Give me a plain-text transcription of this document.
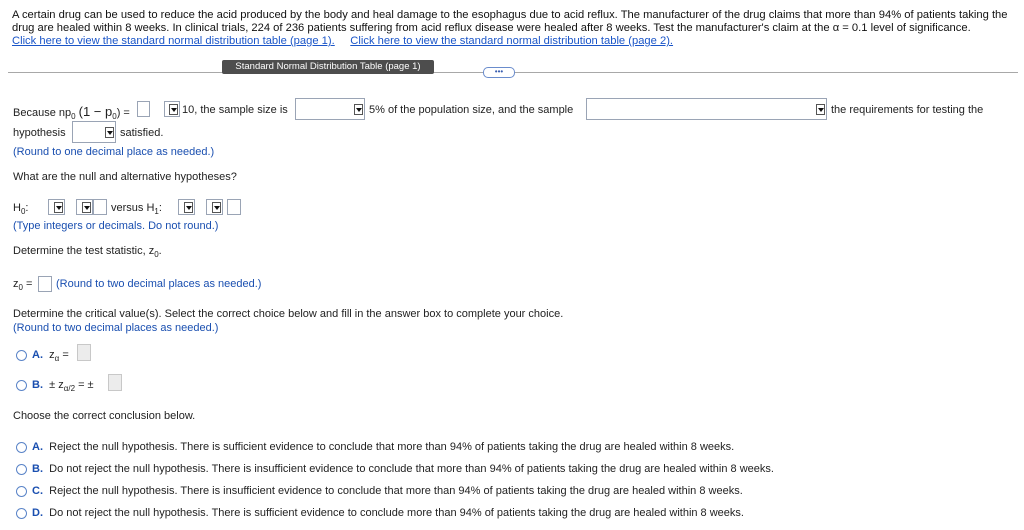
A certain drug can be used to reduce the acid produced by the body and heal damage to the esophagus due to acid reflux. The manufacturer of the drug claims that more than 94% of patients taking the drug are healed within 8 weeks. In clinical trials, 224 of 236 patients suffering from acid reflux disease were healed after 8 weeks. Test the manufacturer's claim at the α = 0.1 level of significance.
Click here to view the standard normal distribution table (page 1). Click here to view the standard normal distribution table (page 2).
Standard Normal Distribution Table (page 1)	•••
Because $np_0$ $(1 - p_0)$ =	10, the sample size is	5% of the population size, and the sample	the requirements for testing the
hypothesis	satisfied.
(Round to one decimal place as needed.)
What are the null and alternative hypotheses?
$H_0$:	versus $H_1$:
(Type integers or decimals. Do not round.)
Determine the test statistic, $z_0$.
$z_0$ = (Round to two decimal places as needed.)
Determine the critical value(s). Select the correct choice below and fill in the answer box to complete your choice.
(Round to two decimal places as needed.)
A. $z_\alpha$ =
B. ± $z_{\alpha/2}$ = ±
Choose the correct conclusion below.
A. Reject the null hypothesis. There is sufficient evidence to conclude that more than 94% of patients taking the drug are healed within 8 weeks.
B. Do not reject the null hypothesis. There is insufficient evidence to conclude that more than 94% of patients taking the drug are healed within 8 weeks.
C. Reject the null hypothesis. There is insufficient evidence to conclude that more than 94% of patients taking the drug are healed within 8 weeks.
D. Do not reject the null hypothesis. There is sufficient evidence to conclude more than 94% of patients taking the drug are healed within 8 weeks.
